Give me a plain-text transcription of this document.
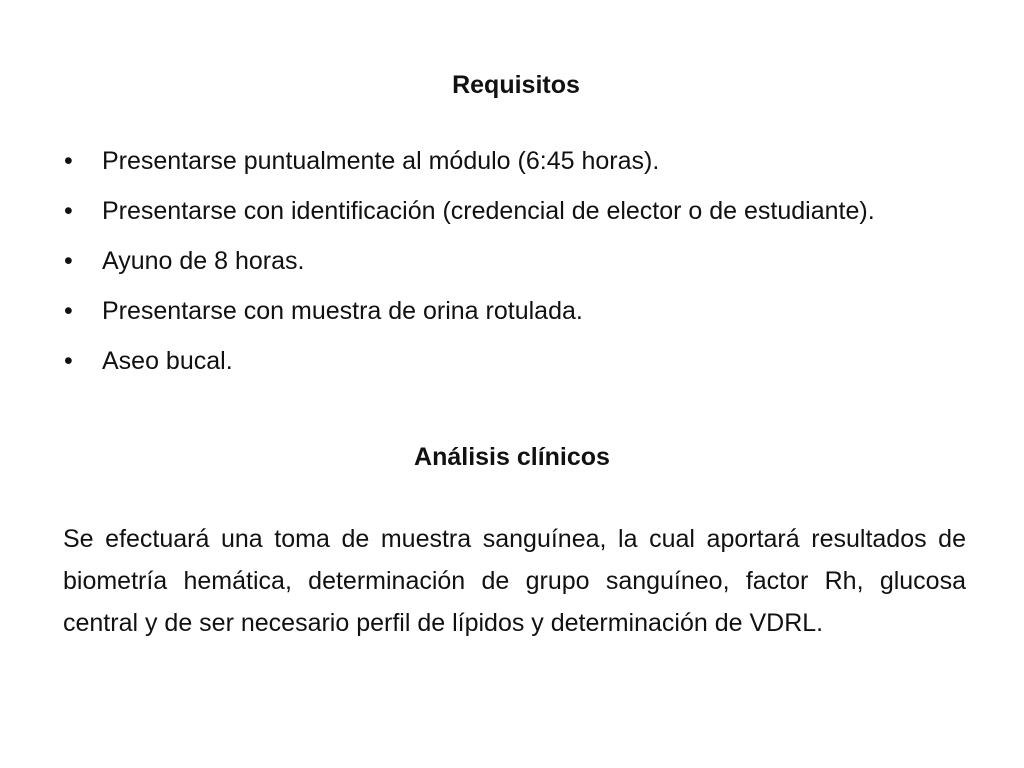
Requisitos
•	Presentarse puntualmente al módulo (6:45 horas).
•	Presentarse con identificación (credencial de elector o de estudiante).
•	Ayuno de 8 horas.
•	Presentarse con muestra de orina rotulada.
•	Aseo bucal.
Análisis clínicos

Se efectuará una toma de muestra sanguínea, la cual aportará resultados de biometría hemática, determinación de grupo sanguíneo, factor Rh, glucosa central y de ser necesario perfil de lípidos y determinación de VDRL.
